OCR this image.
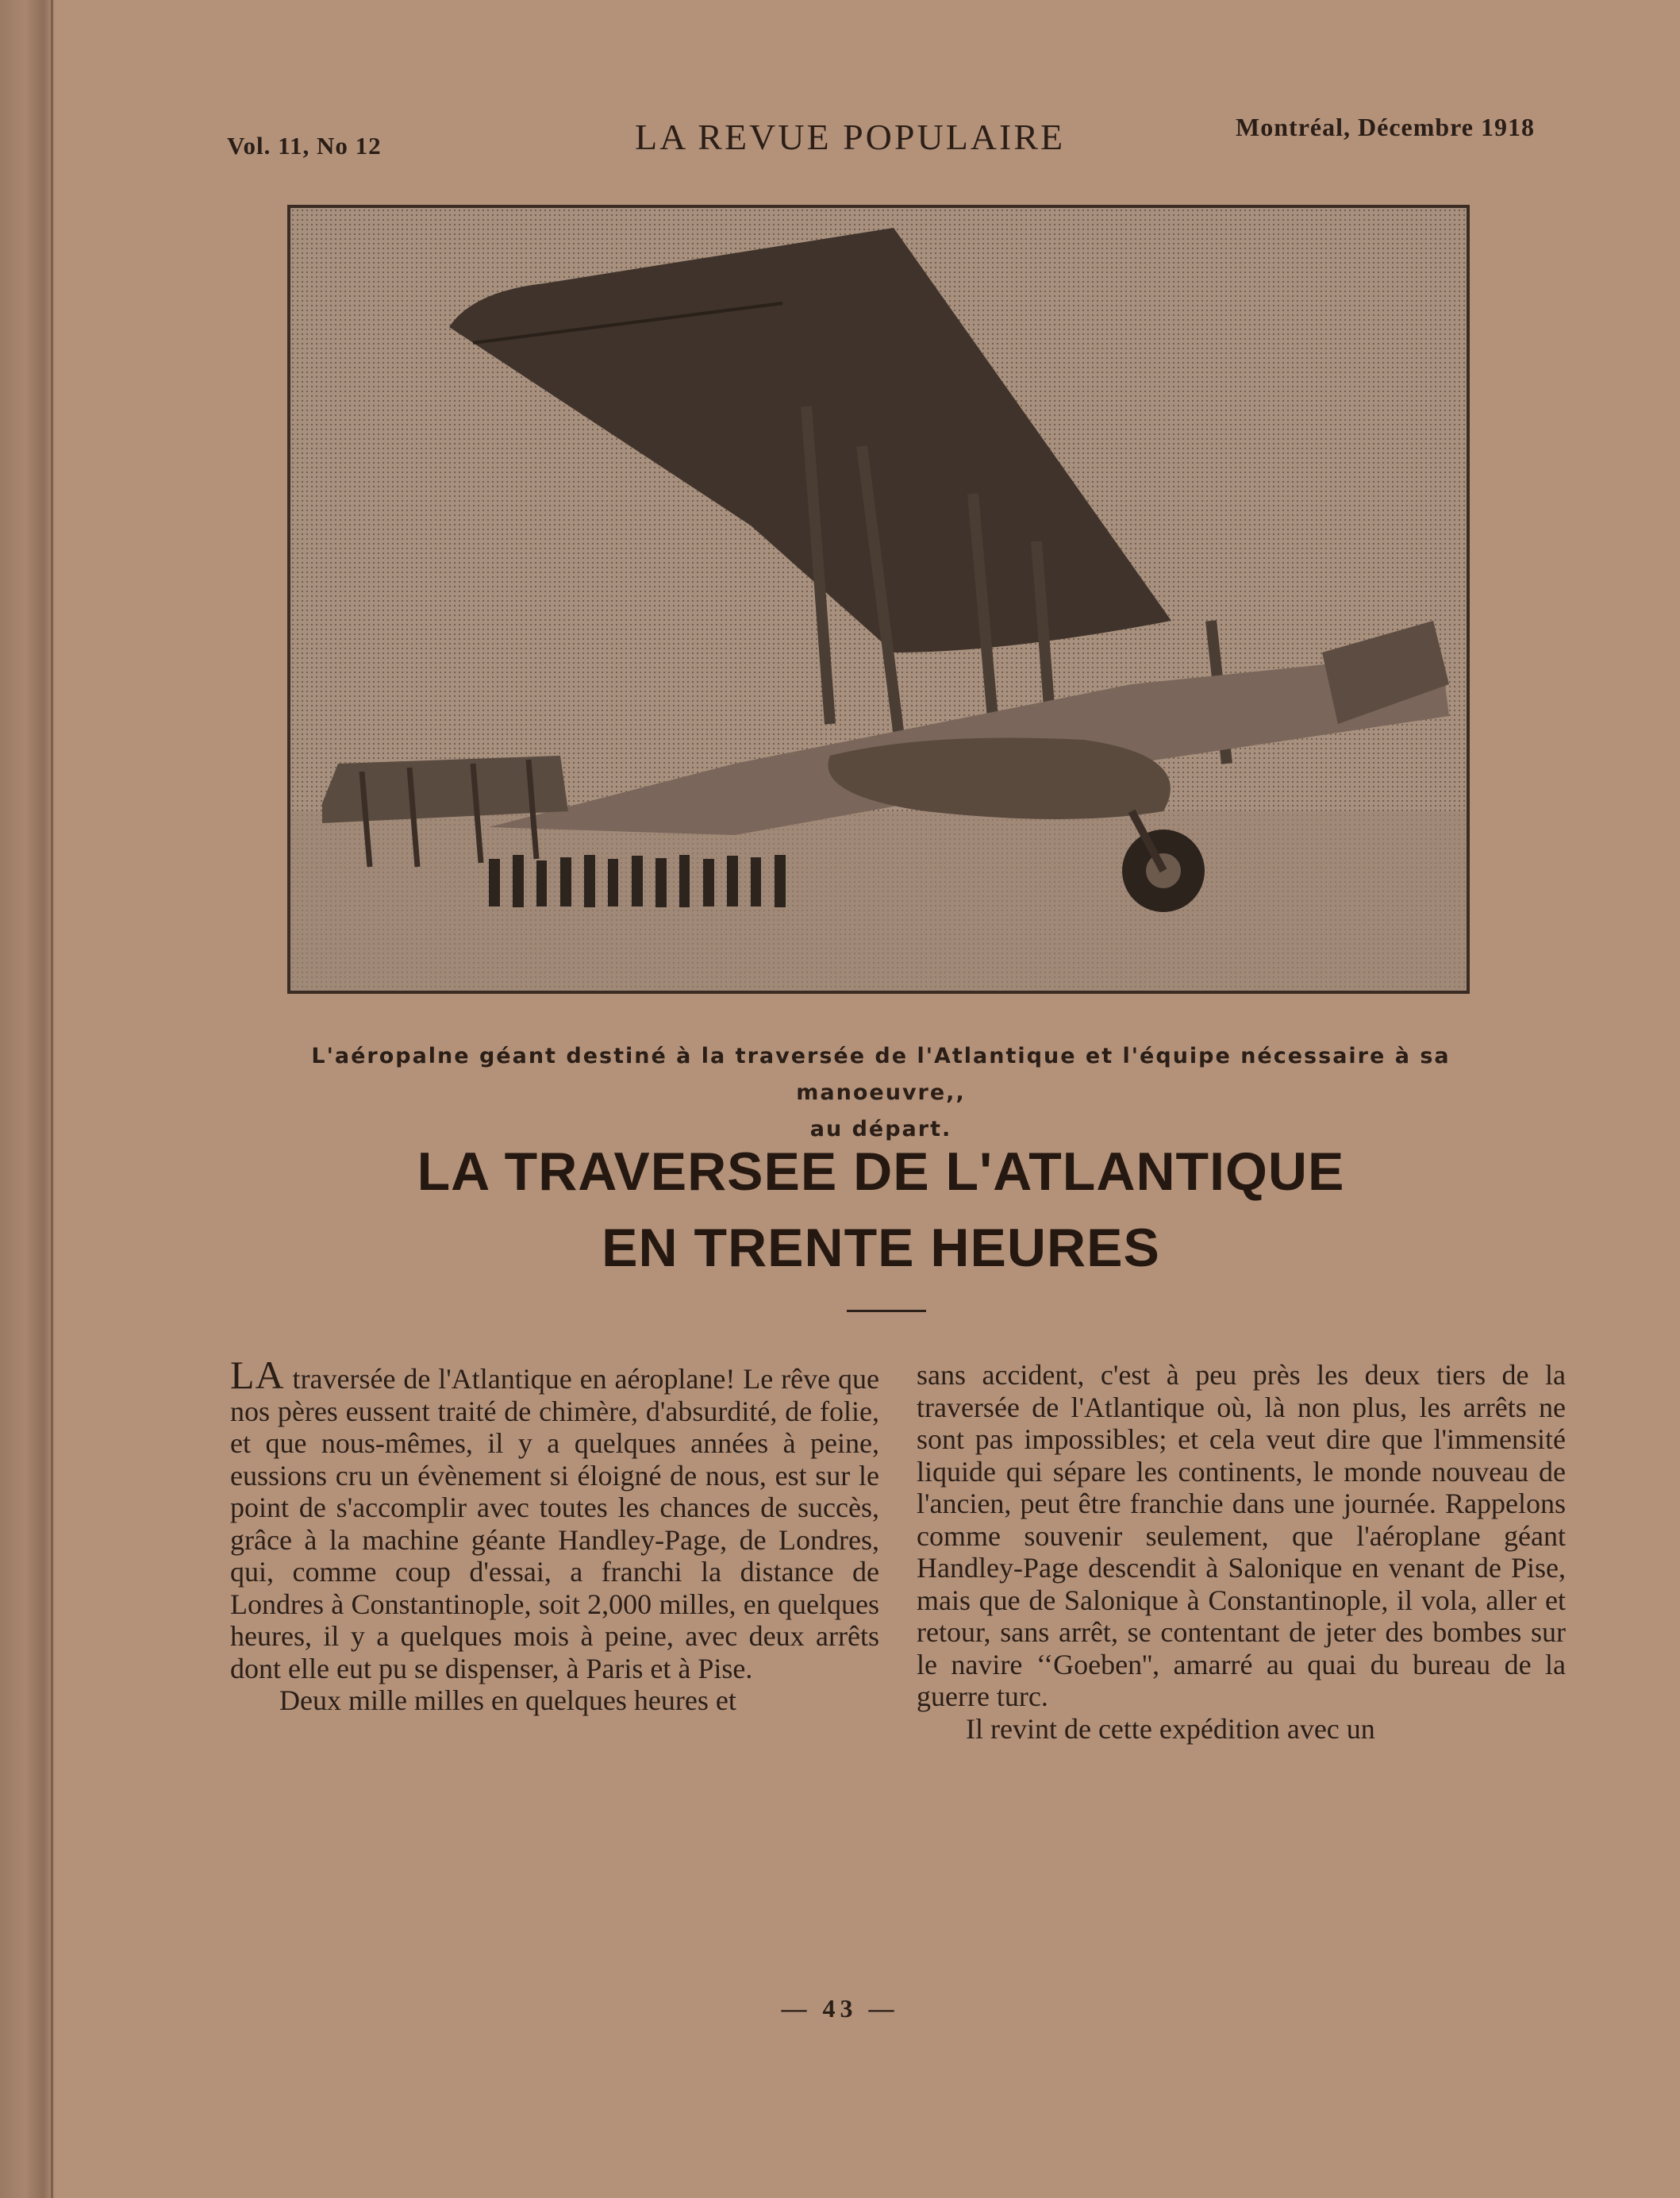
Vol. 11, No 12	LA REVUE POPULAIRE	Montréal, Décembre 1918
L'aéropalne géant destiné à la traversée de l'Atlantique et l'équipe nécessaire à sa manoeuvre,,
au départ.
LA TRAVERSEE DE L'ATLANTIQUE
EN TRENTE HEURES

LA traversée de l'Atlantique en aéroplane! Le rêve que nos pères eussent traité de chimère, d'absurdité, de folie, et que nous-mêmes, il y a quelques années à peine, eussions cru un évènement si éloigné de nous, est sur le point de s'accomplir avec toutes les chances de succès, grâce à la machine géante Handley-Page, de Londres, qui, comme coup d'essai, a franchi la distance de Londres à Constantinople, soit 2,000 milles, en quelques heures, il y a quelques mois à peine, avec deux arrêts dont elle eut pu se dispenser, à Paris et à Pise.

Deux mille milles en quelques heures et

sans accident, c'est à peu près les deux tiers de la traversée de l'Atlantique où, là non plus, les arrêts ne sont pas impossibles; et cela veut dire que l'immensité liquide qui sépare les continents, le monde nouveau de l'ancien, peut être franchie dans une journée. Rappelons comme souvenir seulement, que l'aéroplane géant Handley-Page descendit à Salonique en venant de Pise, mais que de Salonique à Constantinople, il vola, aller et retour, sans arrêt, se contentant de jeter des bombes sur le navire ‘‘Goeben'', amarré au quai du bureau de la guerre turc.

Il revint de cette expédition avec un

— 43 —
